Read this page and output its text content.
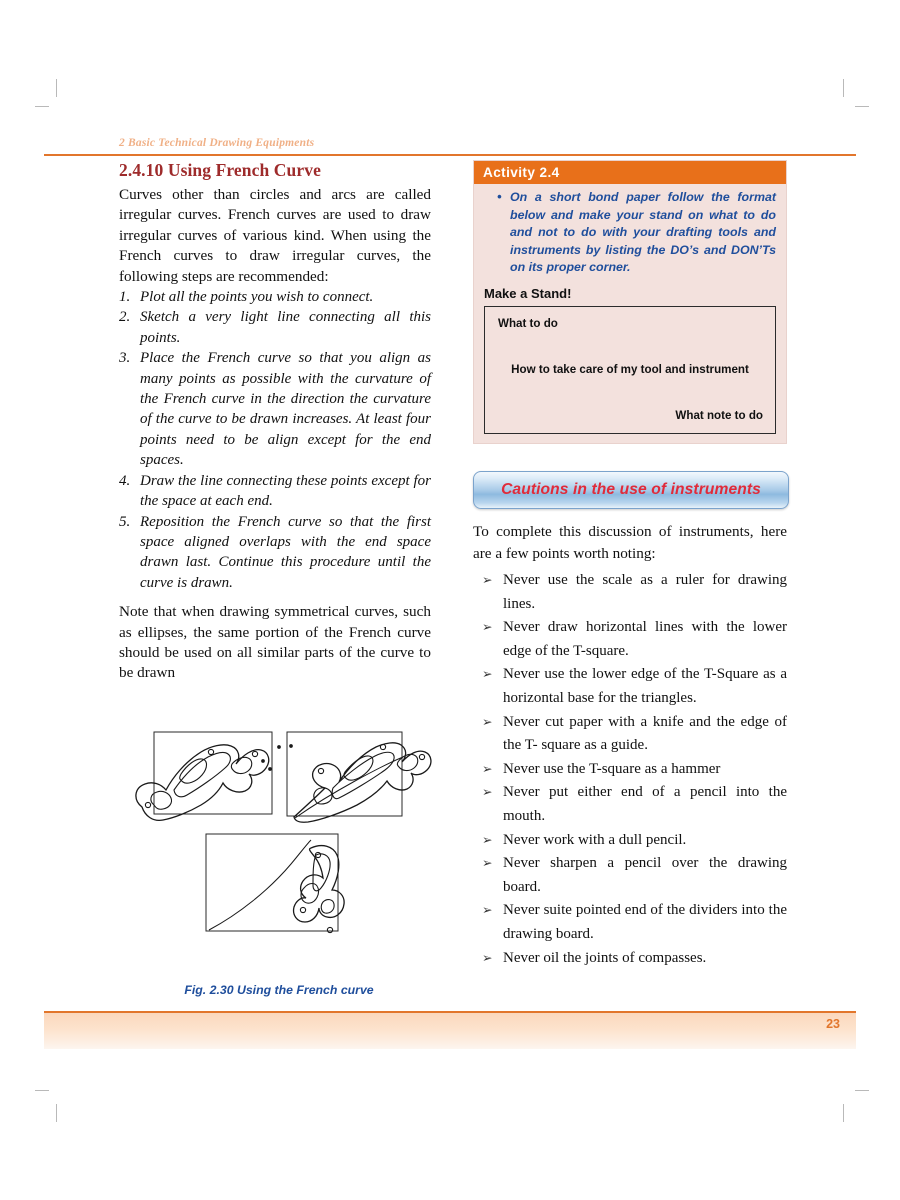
2 Basic Technical Drawing Equipments
2.4.10 Using French Curve

Curves other than circles and arcs are called irregular curves. French curves are used to draw irregular curves of various kind. When using the French curves to draw irregular curves, the following steps are recommended:

Plot all the points you wish to connect.
Sketch a very light line connecting all this points.
Place the French curve so that you align as many points as possible with the curvature of the French curve in the direction the curvature of the curve to be drawn increases. At least four points need to be align except for the end spaces.
Draw the line connecting these points except for the space at each end.
Reposition the French curve so that the first space aligned overlaps with the end space drawn last. Continue this procedure until the curve is drawn.

Note that when drawing symmetrical curves, such as ellipses, the same portion of the French curve should be used on all similar parts of the curve to be drawn

Fig. 2.30 Using the French curve
Activity 2.4
• On a short bond paper follow the format below and make your stand on what to do and not to do with your drafting tools and instruments by listing the DO’s and DON’Ts on its proper corner.
Make a Stand!
What to do
How to take care of my tool and instrument
What note to do
Cautions in the use of instruments

To complete this discussion of instruments, here are a few points worth noting:

➢ Never use the scale as a ruler for drawing lines.
➢ Never draw horizontal lines with the lower edge of the T-square.
➢ Never use the lower edge of the T-Square as a horizontal base for the triangles.
➢ Never cut paper with a knife and the edge of the T- square as a guide.
➢ Never use the T-square as a hammer
➢ Never put either end of a pencil into the mouth.
➢ Never work with a dull pencil.
➢ Never sharpen a pencil over the drawing board.
➢ Never suite pointed end of the dividers into the drawing board.
➢ Never oil the joints of compasses.
23
